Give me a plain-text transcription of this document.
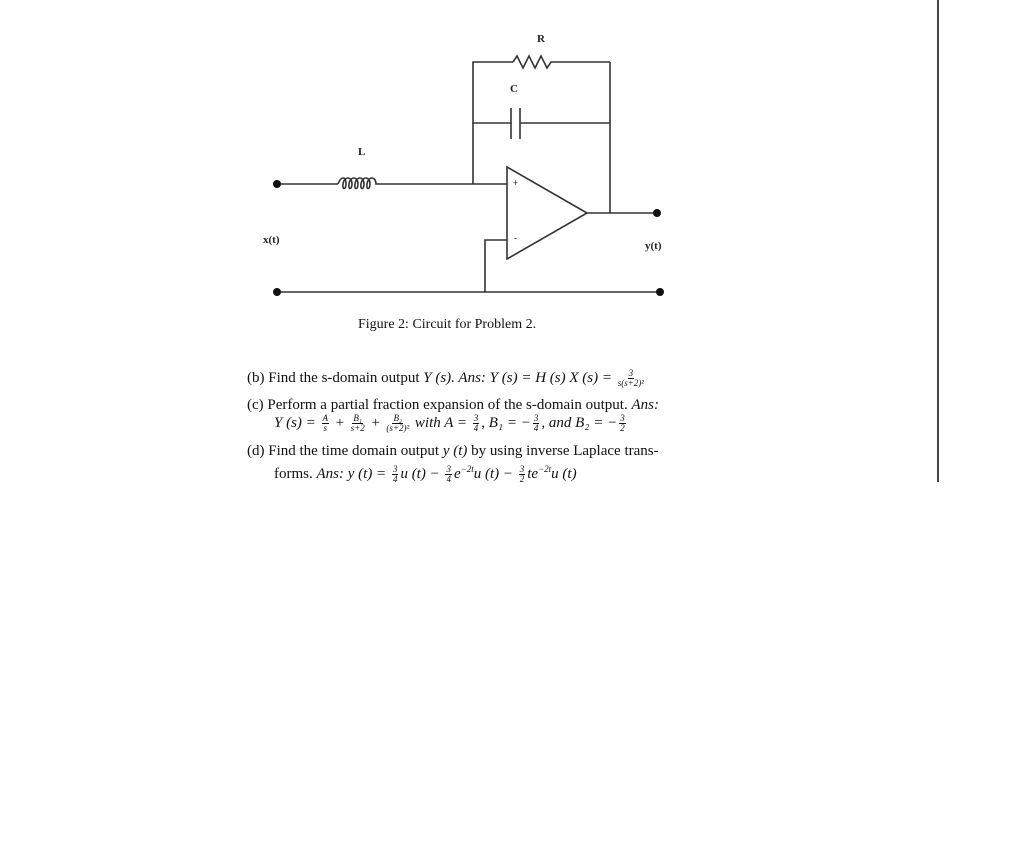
R
C
L
x(t)	y(t)
+
-
Figure 2: Circuit for Problem 2.
(b) Find the s-domain output Y (s). Ans: Y (s) = H (s) X $(s) = \frac{3}{\text{s(s+2)²}}$
(c) Perform a partial fraction expansion of the s-domain output. Ans:
Y $(s) = \frac{A}{s} + \frac{\text{B₁}}{s+2} + \frac{\text{B₂}}{\text{(s+2)²}}$ with $A = \frac{3}{4}$ , B₁ = − $\frac{3}{4}$ , and B₂ = − $\frac{3}{2}$
(d) Find the time domain output y (t) by using inverse Laplace trans-
forms. Ans: y $(t) = \frac{3}{4}$ u $(t) - \frac{3}{4} e^{-2t}u$ $(t) - \frac{3}{2} te^{-2t}u$ (t)
